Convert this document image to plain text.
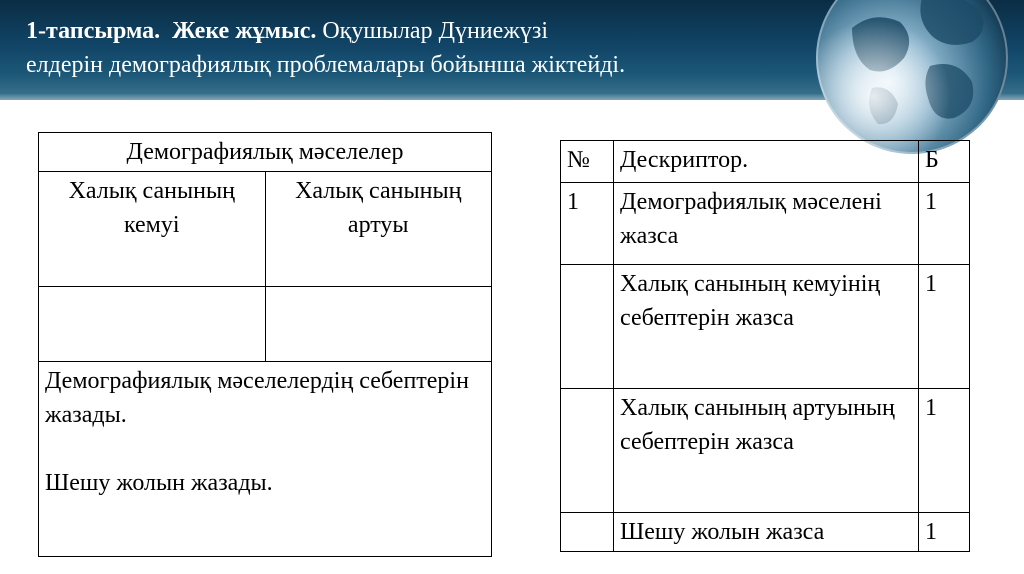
1-тапсырма. Жеке жұмыс. Оқушылар Дүниежүзі
елдерін демографиялық проблемалары бойынша жіктейді.

Демографиялық мәселелер	
Халық санының кемуі	Халық санының артуы

Демографиялық мәселелердің себептерін жазады.
Шешу жолын жазады.	
№	Дескриптор.	Б
1	Демографиялық мәселені жазса	1
	Халық санының кемуінің себептерін жазса	1
	Халық санының артуының себептерін жазса	1
	Шешу жолын жазса	1
